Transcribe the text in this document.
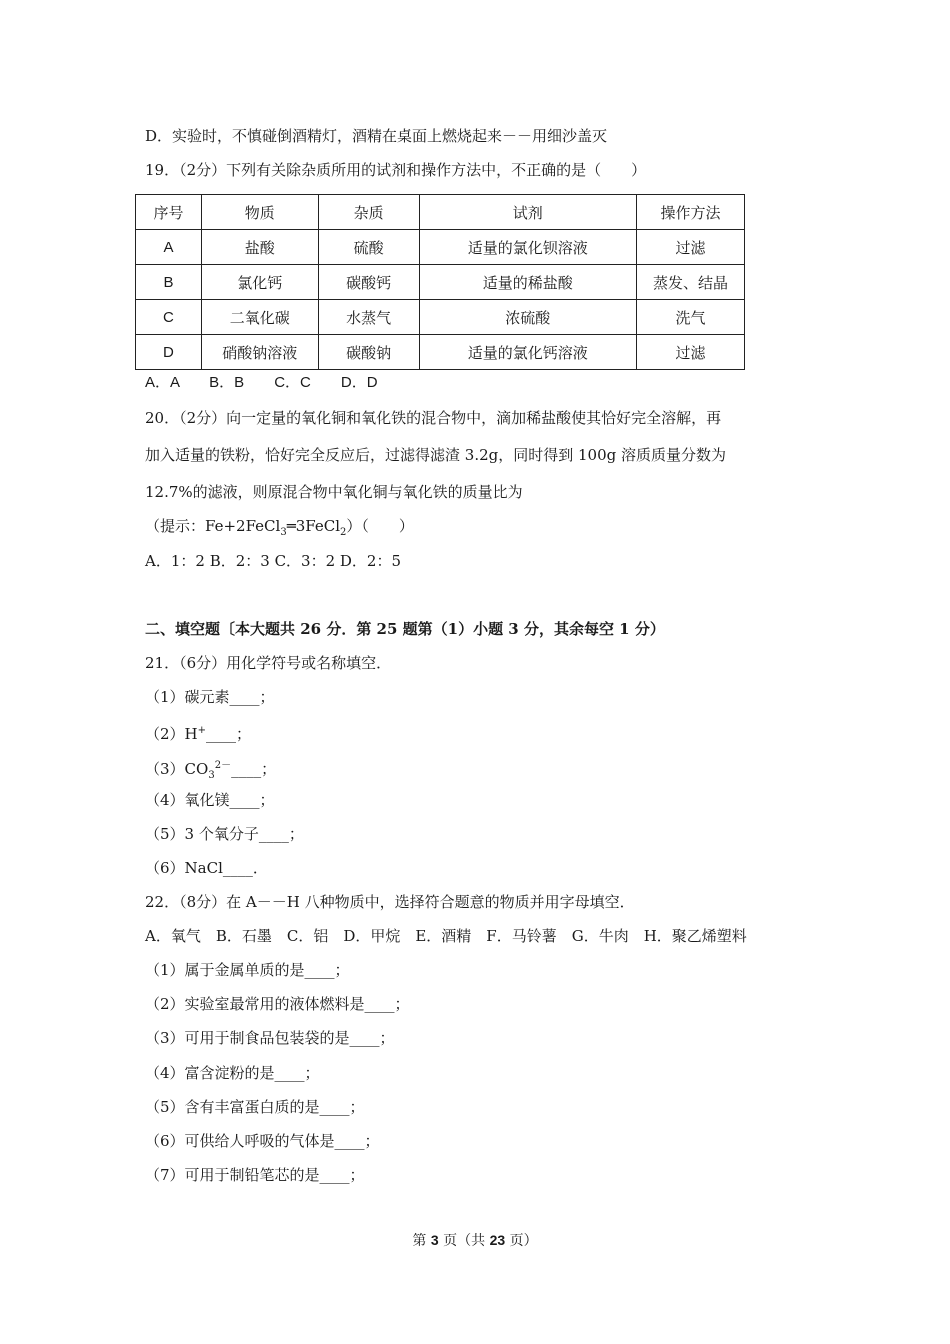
D．实验时，不慎碰倒酒精灯，酒精在桌面上燃烧起来－－用细沙盖灭
19．（2分）下列有关除杂质所用的试剂和操作方法中，不正确的是（　　）
序号	物质	杂质	试剂	操作方法
A	盐酸	硫酸	适量的氯化钡溶液	过滤
B	氯化钙	碳酸钙	适量的稀盐酸	蒸发、结晶
C	二氧化碳	水蒸气	浓硫酸	洗气
D	硝酸钠溶液	碳酸钠	适量的氯化钙溶液	过滤
A．A　　B．B　　C．C　　D．D
20．（2分）向一定量的氧化铜和氧化铁的混合物中，滴加稀盐酸使其恰好完全溶解，再
加入适量的铁粉，恰好完全反应后，过滤得滤渣 3.2g，同时得到 100g 溶质质量分数为
12.7%的滤液，则原混合物中氧化铜与氧化铁的质量比为
（提示：Fe+2FeCl$_3$═3FeCl$_2$）（　　）
A．1：2 B．2：3 C．3：2 D．2：5
二、填空题〔本大题共 26 分．第 25 题第（1）小题 3 分，其余每空 1 分）
21．（6分）用化学符号或名称填空．
（1）碳元素____；
（2）H+____；
$(3)CO_3^{2-}\_\_\_\_$；
（4）氧化镁____；
（5）3 个氧分子____；
（6）NaCl____．
22．（8分）在 A－－H 八种物质中，选择符合题意的物质并用字母填空．
A．氧气　B．石墨　C．铝　D．甲烷　E．酒精　F．马铃薯　G．牛肉　H．聚乙烯塑料
（1）属于金属单质的是____；
（2）实验室最常用的液体燃料是____；
（3）可用于制食品包装袋的是____；
（4）富含淀粉的是____；
（5）含有丰富蛋白质的是____；
（6）可供给人呼吸的气体是____；
（7）可用于制铅笔芯的是____；
第 3 页（共 23 页）
